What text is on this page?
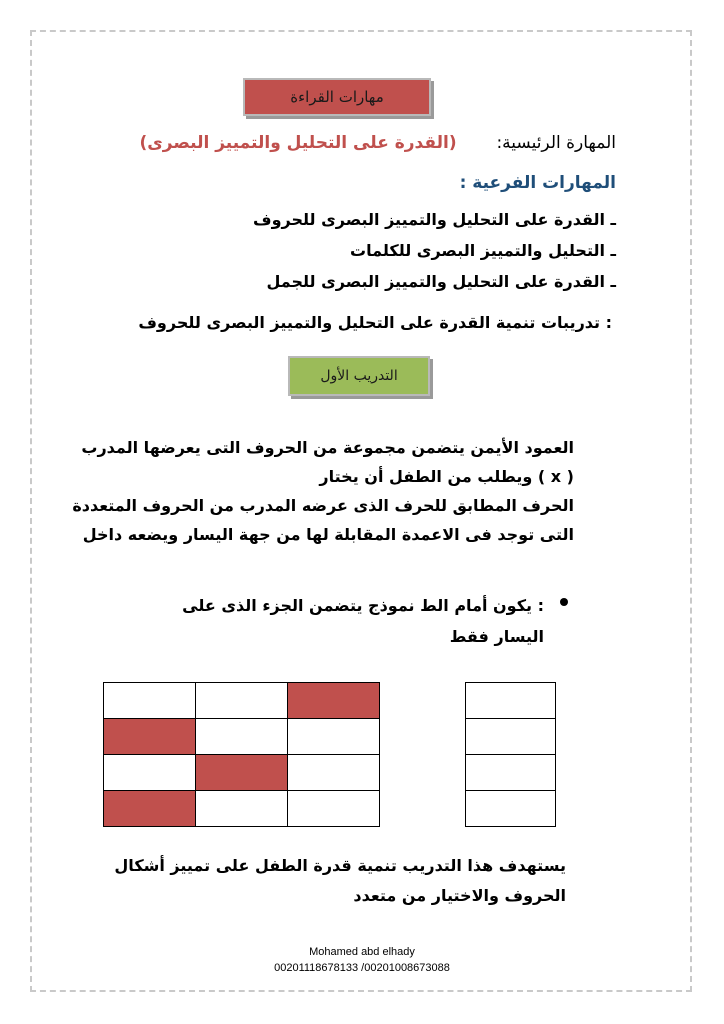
مهارات القراءة
المهارة الرئيسية:  (القدرة على التحليل والتمييز البصرى)
المهارات الفرعية :
ـ القدرة على التحليل والتمييز البصرى للحروف
ـ التحليل والتمييز البصرى للكلمات
ـ القدرة على التحليل والتمييز البصرى للجمل
: تدريبات تنمية القدرة على التحليل والتمييز البصرى للحروف
التدريب الأول
العمود الأيمن يتضمن مجموعة من الحروف التى يعرضها المدرب
( x ) ويطلب من الطفل أن يختار
الحرف المطابق للحرف الذى عرضه المدرب من الحروف المتعددة
التى توجد فى الاعمدة المقابلة لها من جهة اليسار ويضعه داخل
: يكون أمام الط نموذج يتضمن الجزء الذى على
اليسار فقط

يستهدف هذا التدريب تنمية قدرة الطفل على تمييز أشكال
الحروف والاختيار من متعدد
Mohamed abd elhady
00201118678133 /00201008673088
